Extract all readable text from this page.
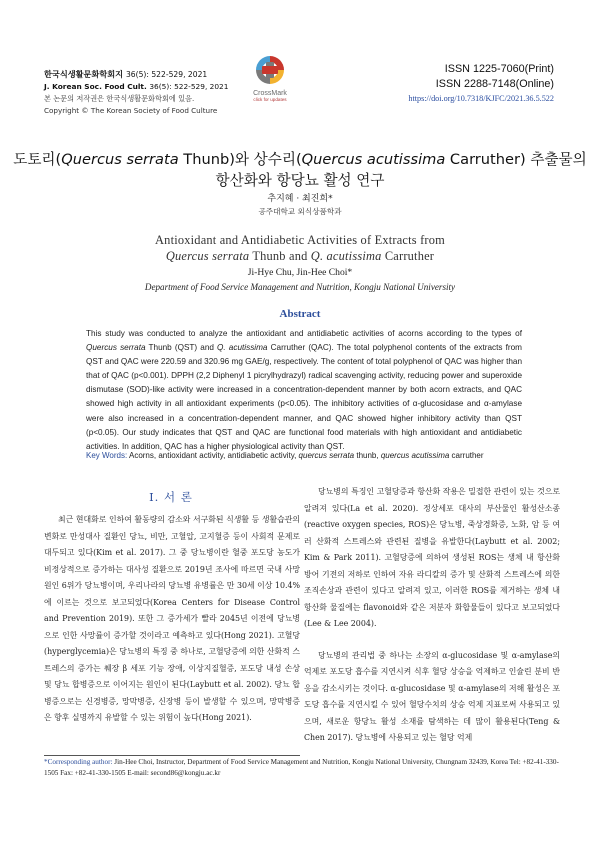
한국식생활문화학회지 36(5): 522-529, 2021
J. Korean Soc. Food Cult. 36(5): 522-529, 2021
본 논문의 저작권은 한국식생활문화학회에 있음.
Copyright © The Korean Society of Food Culture
CrossMark
click for updates
ISSN 1225-7060(Print)
ISSN 2288-7148(Online)
https://doi.org/10.7318/KJFC/2021.36.5.522
도토리(Quercus serrata Thunb)와 상수리(Quercus acutissima Carruther) 추출물의
항산화와 항당뇨 활성 연구
추지혜 · 최진희*
공주대학교 외식상품학과
Antioxidant and Antidiabetic Activities of Extracts from
Quercus serrata Thunb and Q. acutissima Carruther
Ji-Hye Chu, Jin-Hee Choi*
Department of Food Service Management and Nutrition, Kongju National University
Abstract
This study was conducted to analyze the antioxidant and antidiabetic activities of acorns according to the types of Quercus serrata Thunb (QST) and Q. acutissima Carruther (QAC). The total polyphenol contents of the extracts from QST and QAC were 220.59 and 320.96 mg GAE/g, respectively. The content of total polyphenol of QAC was higher than that of QAC (p<0.001). DPPH (2,2 Diphenyl 1 picrylhydrazyl) radical scavenging activity, reducing power and superoxide dismutase (SOD)-like activity were increased in a concentration-dependent manner by both acorn extracts, and QAC showed high activity in all antioxidant experiments (p<0.05). The inhibitory activities of α-glucosidase and α-amylase were also increased in a concentration-dependent manner, and QAC showed higher inhibitory activity than QST (p<0.05). Our study indicates that QST and QAC are functional food materials with high antioxidant and antidiabetic activities. In addition, QAC has a higher physiological activity than QST.
Key Words: Acorns, antioxidant activity, antidiabetic activity, quercus serrata thunb, quercus acutissima carruther
Ⅰ. 서 론

최근 현대화로 인하여 활동량의 감소와 서구화된 식생활 등 생활습관의 변화로 만성대사 질환인 당뇨, 비만, 고혈압, 고지혈증 등이 사회적 문제로 대두되고 있다(Kim et al. 2017). 그 중 당뇨병이란 혈중 포도당 농도가 비정상적으로 증가하는 대사성 질환으로 2019년 조사에 따르면 국내 사망원인 6위가 당뇨병이며, 우리나라의 당뇨병 유병률은 만 30세 이상 10.4%에 이르는 것으로 보고되었다(Korea Centers for Disease Control and Prevention 2019). 또한 그 증가세가 빨라 2045년 이전에 당뇨병으로 인한 사망률이 증가할 것이라고 예측하고 있다(Hong 2021). 고혈당(hyperglycemia)은 당뇨병의 특징 중 하나로, 고혈당증에 의한 산화적 스트레스의 증가는 췌장 β 세포 기능 장애, 이상지질혈증, 포도당 내성 손상 및 당뇨 합병증으로 이어지는 원인이 된다(Laybutt et al. 2002). 당뇨 합병증으로는 신경병증, 망막병증, 신장병 등이 발생할 수 있으며, 망막병증은 향후 실명까지 유발할 수 있는 위험이 높다(Hong 2021).

당뇨병의 특징인 고혈당증과 항산화 작용은 밀접한 관련이 있는 것으로 알려져 있다(La et al. 2020). 정상세포 대사의 부산물인 활성산소종(reactive oxygen species, ROS)은 당뇨병, 죽상경화증, 노화, 암 등 여러 산화적 스트레스와 관련된 질병을 유발한다(Laybutt et al. 2002; Kim & Park 2011). 고혈당증에 의하여 생성된 ROS는 생체 내 항산화 방어 기전의 저하로 인하여 자유 라디칼의 증가 및 산화적 스트레스에 의한 조직손상과 관련이 있다고 알려져 있고, 이러한 ROS를 제거하는 생체 내 항산화 물질에는 flavonoid와 같은 저분자 화합물들이 있다고 보고되었다(Lee & Lee 2004).

당뇨병의 관리법 중 하나는 소장의 α-glucosidase 및 α-amylase의 억제로 포도당 흡수를 지연시켜 식후 혈당 상승을 억제하고 인슐린 분비 반응을 감소시키는 것이다. α-glucosidase 및 α-amylase의 저해 활성은 포도당 흡수를 지연시킬 수 있어 혈당수치의 상승 억제 지표로써 사용되고 있으며, 새로운 항당뇨 활성 소재를 탐색하는 데 많이 활용된다(Teng & Chen 2017). 당뇨병에 사용되고 있는 혈당 억제

*Corresponding author: Jin-Hee Choi, Instructor, Department of Food Service Management and Nutrition, Kongju National University, Chungnam 32439, Korea Tel: +82-41-330-1505 Fax: +82-41-330-1505 E-mail: second86@kongju.ac.kr
